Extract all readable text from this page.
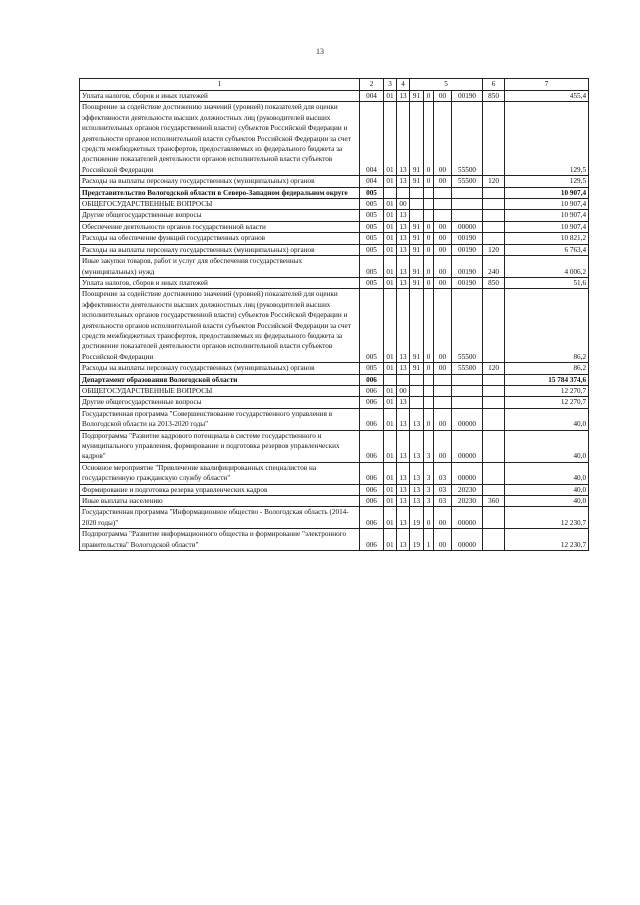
13
1	2	3	4	5				6	7
Уплата налогов, сборов и иных платежей	004	01	13	91	0	00	00190	850	455,4
Поощрение за содействие достижению значений (уровней) показателей для оценки эффективности деятельности высших должностных лиц (руководителей высших исполнительных органов государственной власти) субъектов Российской Федерации и деятельности органов исполнительной власти субъектов Российской Федерации за счет средств межбюджетных трансфертов, предоставляемых из федерального бюджета за достижение показателей деятельности органов исполнительной власти субъектов Российской Федерации	004	01	13	91	0	00	55500		129,5
Расходы на выплаты персоналу государственных (муниципальных) органов	004	01	13	91	0	00	55500	120	129,5
Представительство Вологодской области в Северо-Западном федеральном округе	005								10 907,4
ОБЩЕГОСУДАРСТВЕННЫЕ ВОПРОСЫ	005	01	00						10 907,4
Другие общегосударственные вопросы	005	01	13						10 907,4
Обеспечение деятельности органов государственной власти	005	01	13	91	0	00	00000		10 907,4
Расходы на обеспечение функций государственных органов	005	01	13	91	0	00	00190		10 821,2
Расходы на выплаты персоналу государственных (муниципальных) органов	005	01	13	91	0	00	00190	120	6 763,4
Иные закупки товаров, работ и услуг для обеспечения государственных (муниципальных) нужд	005	01	13	91	0	00	00190	240	4 006,2
Уплата налогов, сборов и иных платежей	005	01	13	91	0	00	00190	850	51,6
Поощрение за содействие достижению значений (уровней) показателей для оценки эффективности деятельности высших должностных лиц (руководителей высших исполнительных органов государственной власти) субъектов Российской Федерации и деятельности органов исполнительной власти субъектов Российской Федерации за счет средств межбюджетных трансфертов, предоставляемых из федерального бюджета за достижение показателей деятельности органов исполнительной власти субъектов Российской Федерации	005	01	13	91	0	00	55500		86,2
Расходы на выплаты персоналу государственных (муниципальных) органов	005	01	13	91	0	00	55500	120	86,2
Департамент образования Вологодской области	006								15 784 374,6
ОБЩЕГОСУДАРСТВЕННЫЕ ВОПРОСЫ	006	01	00						12 270,7
Другие общегосударственные вопросы	006	01	13						12 270,7
Государственная программа "Совершенствование государственного управления в Вологодской области на 2013-2020 годы"	006	01	13	13	0	00	00000		40,0
Подпрограмма "Развитие кадрового потенциала в системе государственного и муниципального управления, формирование и подготовка резервов управленческих кадров"	006	01	13	13	3	00	00000		40,0
Основное мероприятие "Привлечение квалифицированных специалистов на государственную гражданскую службу области"	006	01	13	13	3	03	00000		40,0
Формирование и подготовка резерва управленческих кадров	006	01	13	13	3	03	20230		40,0
Иные выплаты населению	006	01	13	13	3	03	20230	360	40,0
Государственная программа "Информационное общество - Вологодская область (2014-2020 годы)"	006	01	13	19	0	00	00000		12 230,7
Подпрограмма "Развитие информационного общества и формирование "электронного правительства" Вологодской области"	006	01	13	19	1	00	00000		12 230,7
